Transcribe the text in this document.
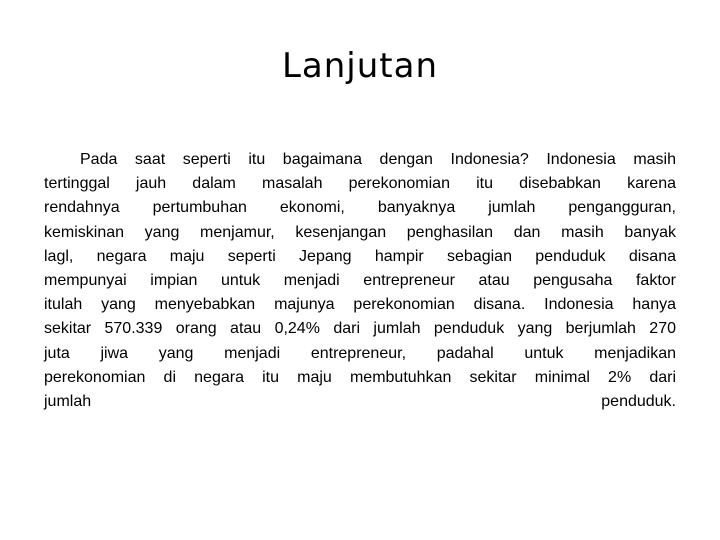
Lanjutan
Pada saat seperti itu bagaimana dengan Indonesia? Indonesia masih
tertinggal jauh dalam masalah perekonomian itu disebabkan karena
rendahnya pertumbuhan ekonomi, banyaknya jumlah pengangguran,
kemiskinan yang menjamur, kesenjangan penghasilan dan masih banyak
lagl, negara maju seperti Jepang hampir sebagian penduduk disana
mempunyai impian untuk menjadi entrepreneur atau pengusaha faktor
itulah yang menyebabkan majunya perekonomian disana. Indonesia hanya
sekitar 570.339 orang atau 0,24% dari jumlah penduduk yang berjumlah 270
juta jiwa yang menjadi entrepreneur, padahal untuk menjadikan
perekonomian di negara itu maju membutuhkan sekitar minimal 2% dari
jumlah penduduk.
